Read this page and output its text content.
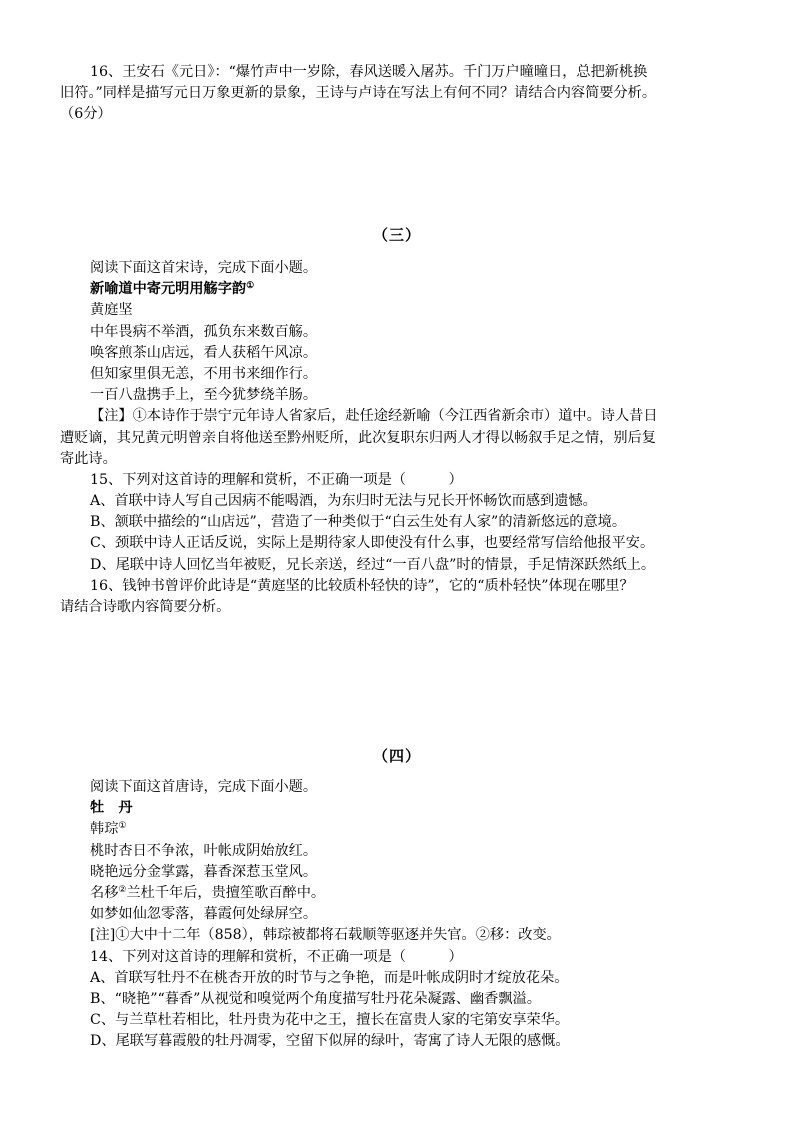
16、王安石《元日》：“爆竹声中一岁除，春风送暖入屠苏。千门万户曈曈日，总把新桃换
旧符。”同样是描写元日万象更新的景象，王诗与卢诗在写法上有何不同？请结合内容简要分析。
（6分）
（三）
阅读下面这首宋诗，完成下面小题。
新喻道中寄元明用觞字韵①
黄庭坚
中年畏病不举酒，孤负东来数百觞。
唤客煎茶山店远，看人获稻午风凉。
但知家里俱无恙，不用书来细作行。
一百八盘携手上，至今犹梦绕羊肠。
【注】①本诗作于崇宁元年诗人省家后，赴任途经新喻（今江西省新余市）道中。诗人昔日
遭贬谪，其兄黄元明曾亲自将他送至黔州贬所，此次复职东归两人才得以畅叙手足之情，别后复
寄此诗。
15、下列对这首诗的理解和赏析，不正确一项是（　　　）
A、首联中诗人写自己因病不能喝酒，为东归时无法与兄长开怀畅饮而感到遗憾。
B、颔联中描绘的“山店远”，营造了一种类似于“白云生处有人家”的清新悠远的意境。
C、颈联中诗人正话反说，实际上是期待家人即使没有什么事，也要经常写信给他报平安。
D、尾联中诗人回忆当年被贬，兄长亲送，经过“一百八盘”时的情景，手足情深跃然纸上。
16、钱钟书曾评价此诗是“黄庭坚的比较质朴轻快的诗”，它的“质朴轻快”体现在哪里？
请结合诗歌内容简要分析。
（四）
阅读下面这首唐诗，完成下面小题。
牡　丹
韩琮①
桃时杏日不争浓，叶帐成阴始放红。
晓艳远分金掌露，暮香深惹玉堂风。
名移②兰杜千年后，贵擅笙歌百醉中。
如梦如仙忽零落，暮霞何处绿屏空。
[注]①大中十二年（858），韩琮被都将石载顺等驱逐并失官。②移：改变。
14、下列对这首诗的理解和赏析，不正确一项是（　　　）
A、首联写牡丹不在桃杏开放的时节与之争艳，而是叶帐成阴时才绽放花朵。
B、“晓艳”“暮香”从视觉和嗅觉两个角度描写牡丹花朵凝露、幽香飘溢。
C、与兰草杜若相比，牡丹贵为花中之王，擅长在富贵人家的宅第安享荣华。
D、尾联写暮霞般的牡丹凋零，空留下似屏的绿叶，寄寓了诗人无限的感慨。
